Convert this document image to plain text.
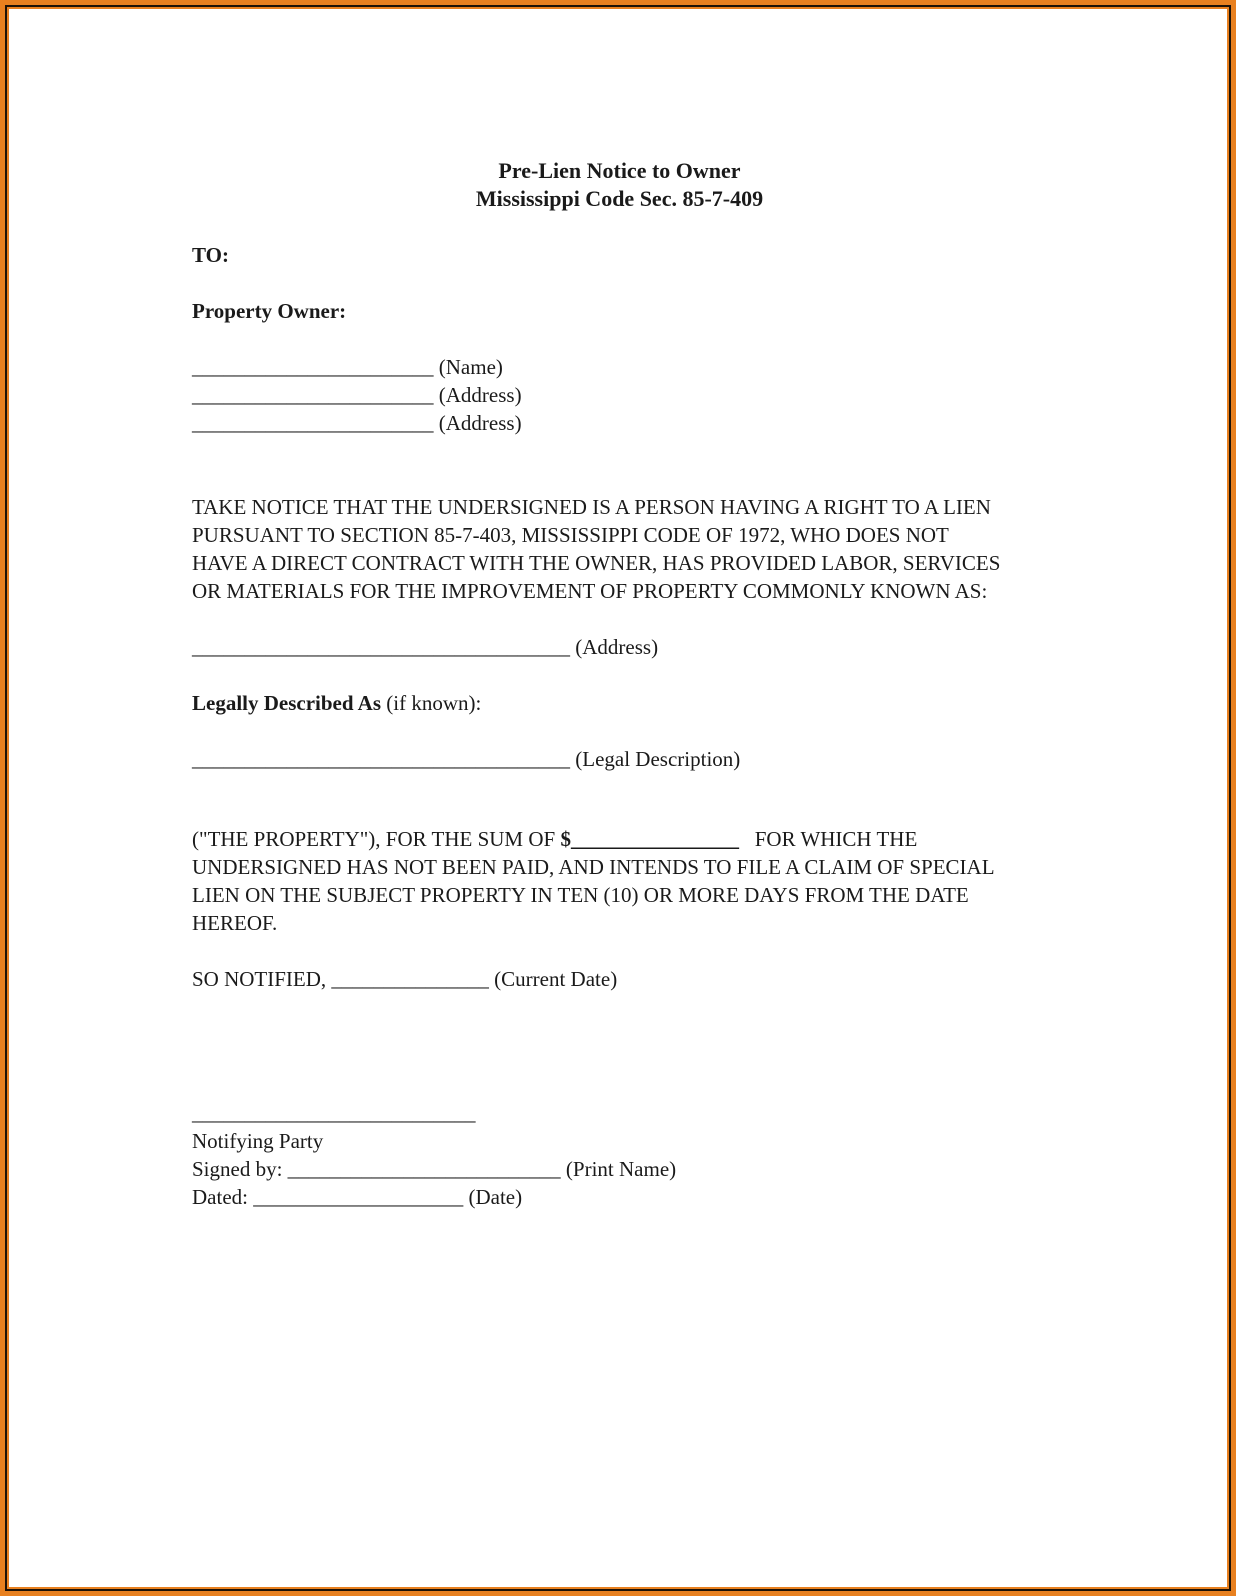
Pre-Lien Notice to Owner
Mississippi Code Sec. 85-7-409
TO:
Property Owner:
_______________________ (Name)
_______________________ (Address)
_______________________ (Address)
TAKE NOTICE THAT THE UNDERSIGNED IS A PERSON HAVING A RIGHT TO A LIEN
PURSUANT TO SECTION 85-7-403, MISSISSIPPI CODE OF 1972, WHO DOES NOT
HAVE A DIRECT CONTRACT WITH THE OWNER, HAS PROVIDED LABOR, SERVICES
OR MATERIALS FOR THE IMPROVEMENT OF PROPERTY COMMONLY KNOWN AS:
____________________________________ (Address)
Legally Described As (if known):
____________________________________ (Legal Description)
("THE PROPERTY"), FOR THE SUM OF $________________   FOR WHICH THE
UNDERSIGNED HAS NOT BEEN PAID, AND INTENDS TO FILE A CLAIM OF SPECIAL
LIEN ON THE SUBJECT PROPERTY IN TEN (10) OR MORE DAYS FROM THE DATE
HEREOF.
SO NOTIFIED, _______________ (Current Date)
___________________________
Notifying Party
Signed by: __________________________ (Print Name)
Dated: ____________________ (Date)
